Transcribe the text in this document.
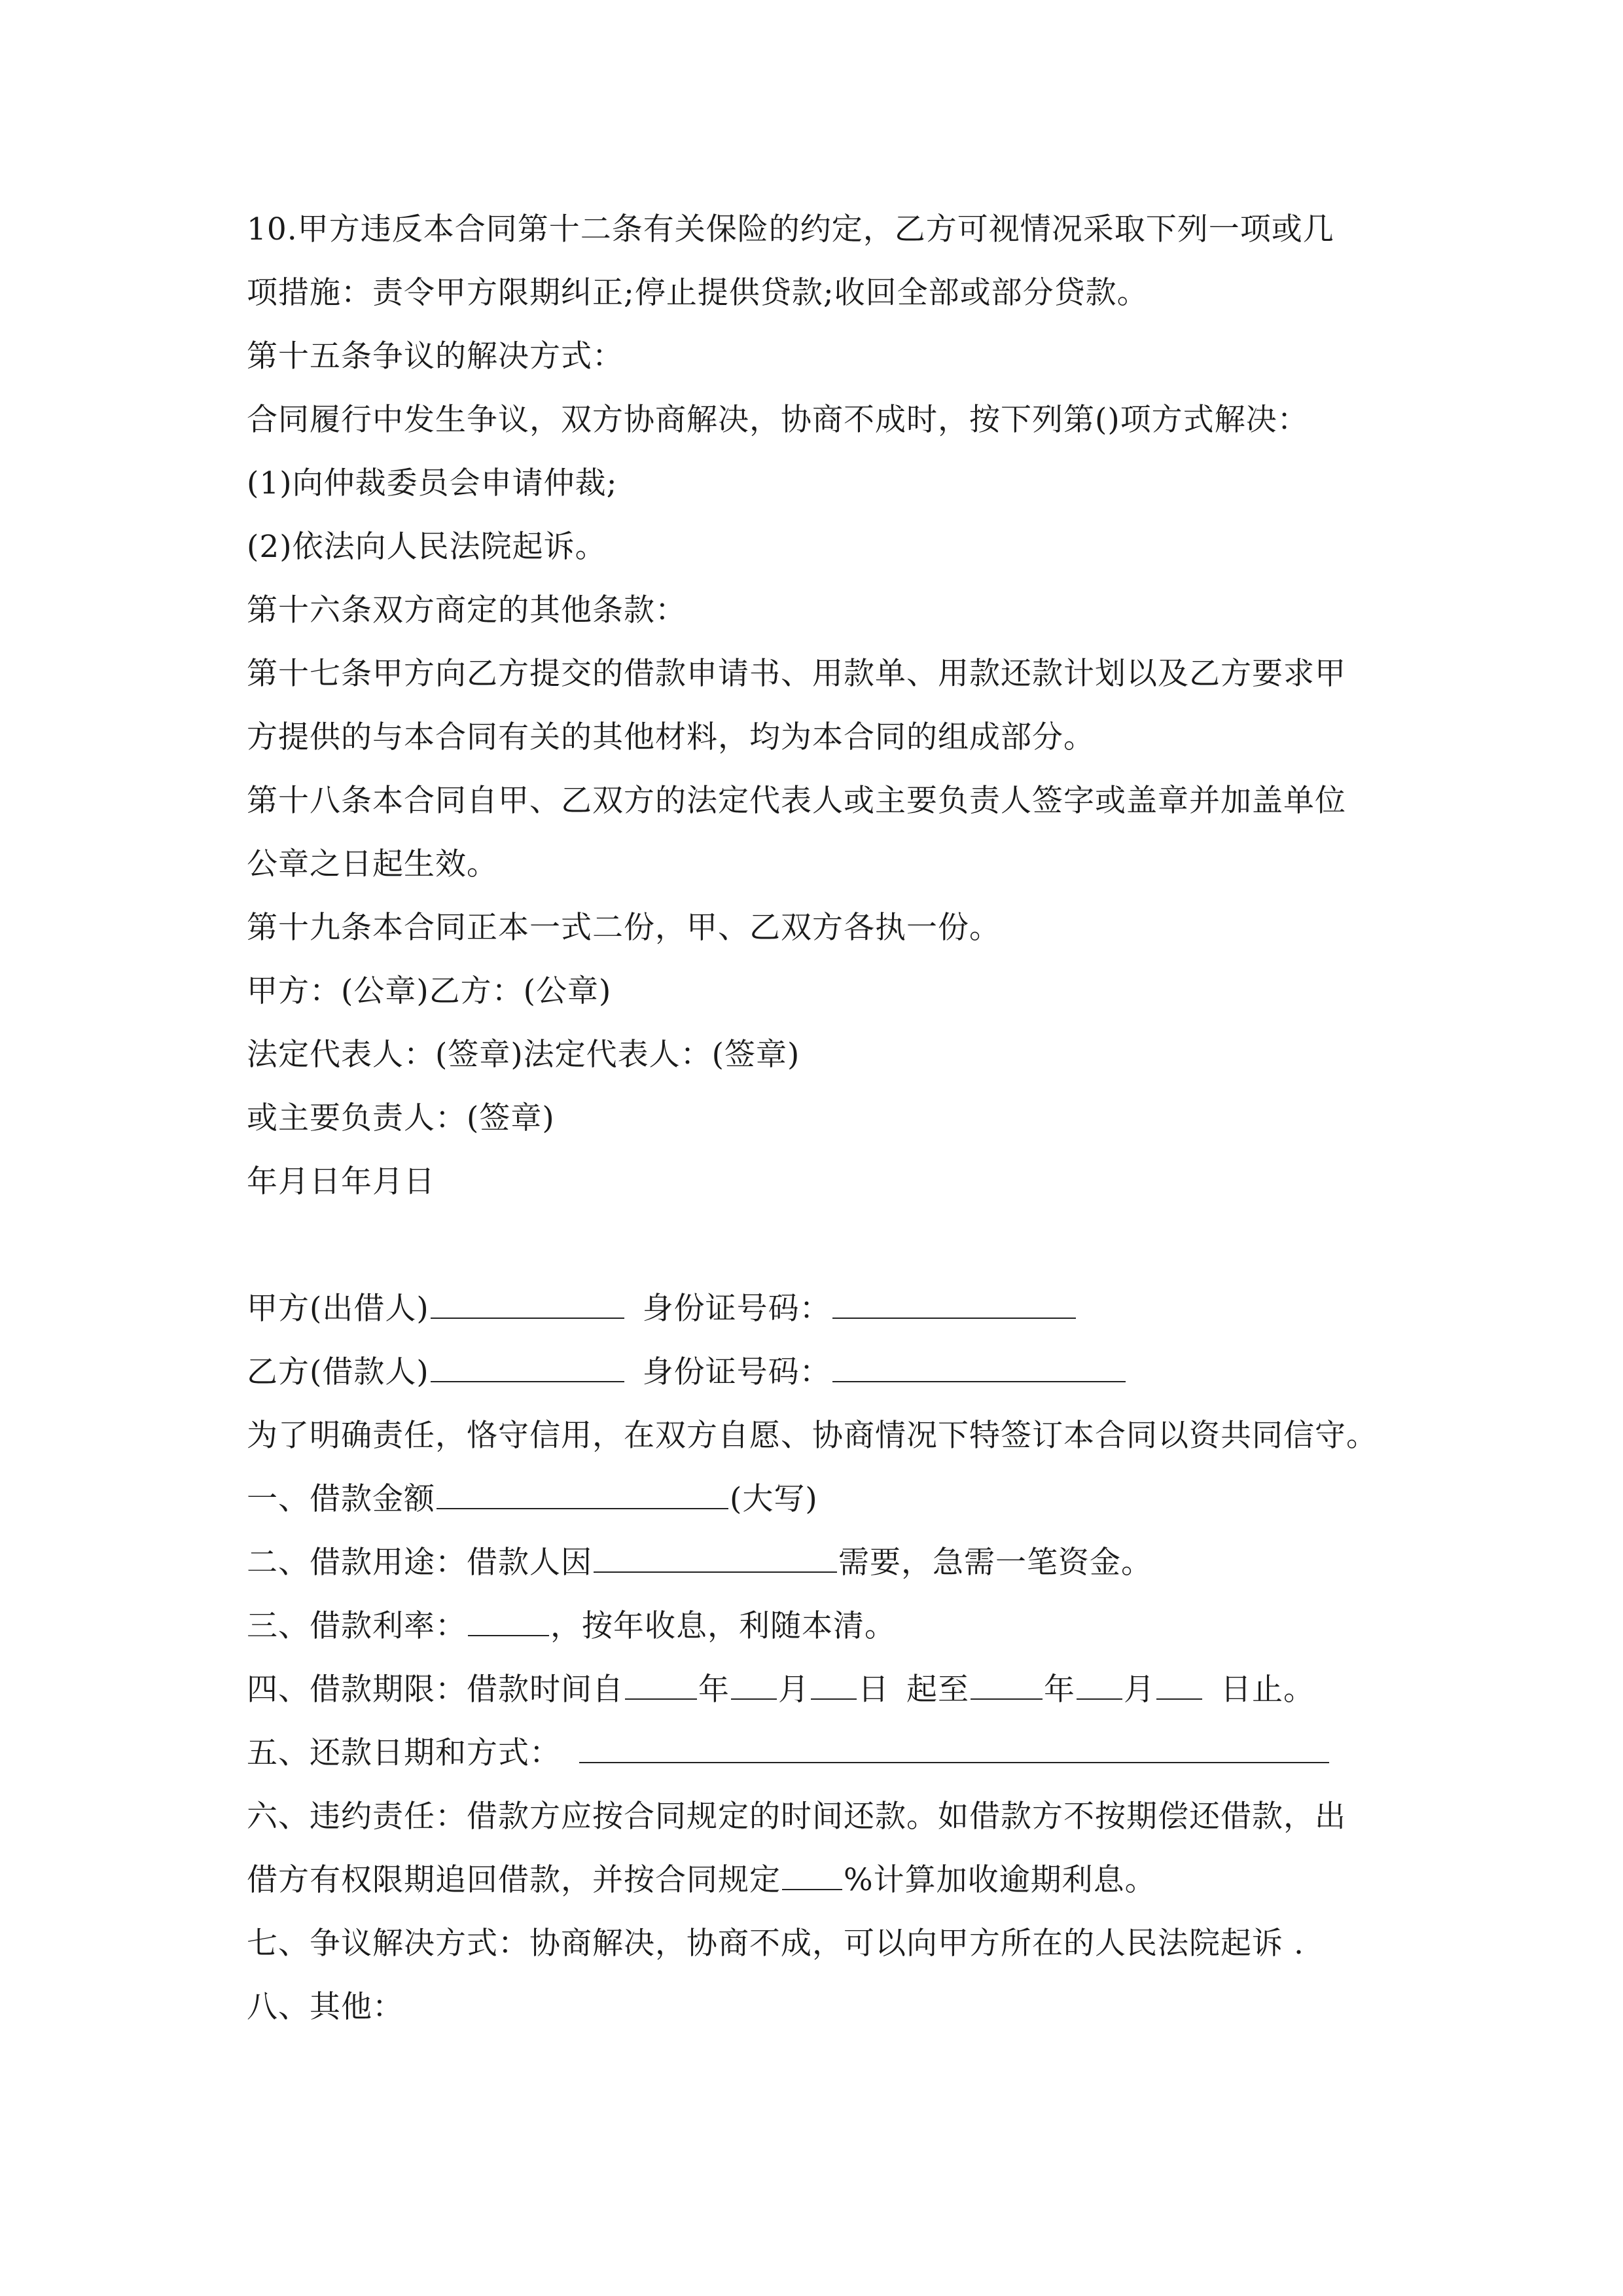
10.甲方违反本合同第十二条有关保险的约定，乙方可视情况采取下列一项或几
项措施：责令甲方限期纠正;停止提供贷款;收回全部或部分贷款。
第十五条争议的解决方式：
合同履行中发生争议，双方协商解决，协商不成时，按下列第()项方式解决：
(1)向仲裁委员会申请仲裁;
(2)依法向人民法院起诉。
第十六条双方商定的其他条款：
第十七条甲方向乙方提交的借款申请书、用款单、用款还款计划以及乙方要求甲
方提供的与本合同有关的其他材料，均为本合同的组成部分。
第十八条本合同自甲、乙双方的法定代表人或主要负责人签字或盖章并加盖单位
公章之日起生效。
第十九条本合同正本一式二份，甲、乙双方各执一份。
甲方：(公章)乙方：(公章)
法定代表人：(签章)法定代表人：(签章)
或主要负责人：(签章)
年月日年月日
甲方(出借人)	身份证号码：
乙方(借款人)	身份证号码：
为了明确责任，恪守信用，在双方自愿、协商情况下特签订本合同以资共同信守。
一、借款金额	(大写)
二、借款用途：借款人因	需要，急需一笔资金。
三、借款利率：	，按年收息，利随本清。
四、借款期限：借款时间自 年 月 日 起至 年 月 日止。
五、还款日期和方式：
六、违约责任：借款方应按合同规定的时间还款。如借款方不按期偿还借款，出
借方有权限期追回借款，并按合同规定 %计算加收逾期利息。
七、争议解决方式：协商解决，协商不成，可以向甲方所在的人民法院起诉 .
八、其他：
